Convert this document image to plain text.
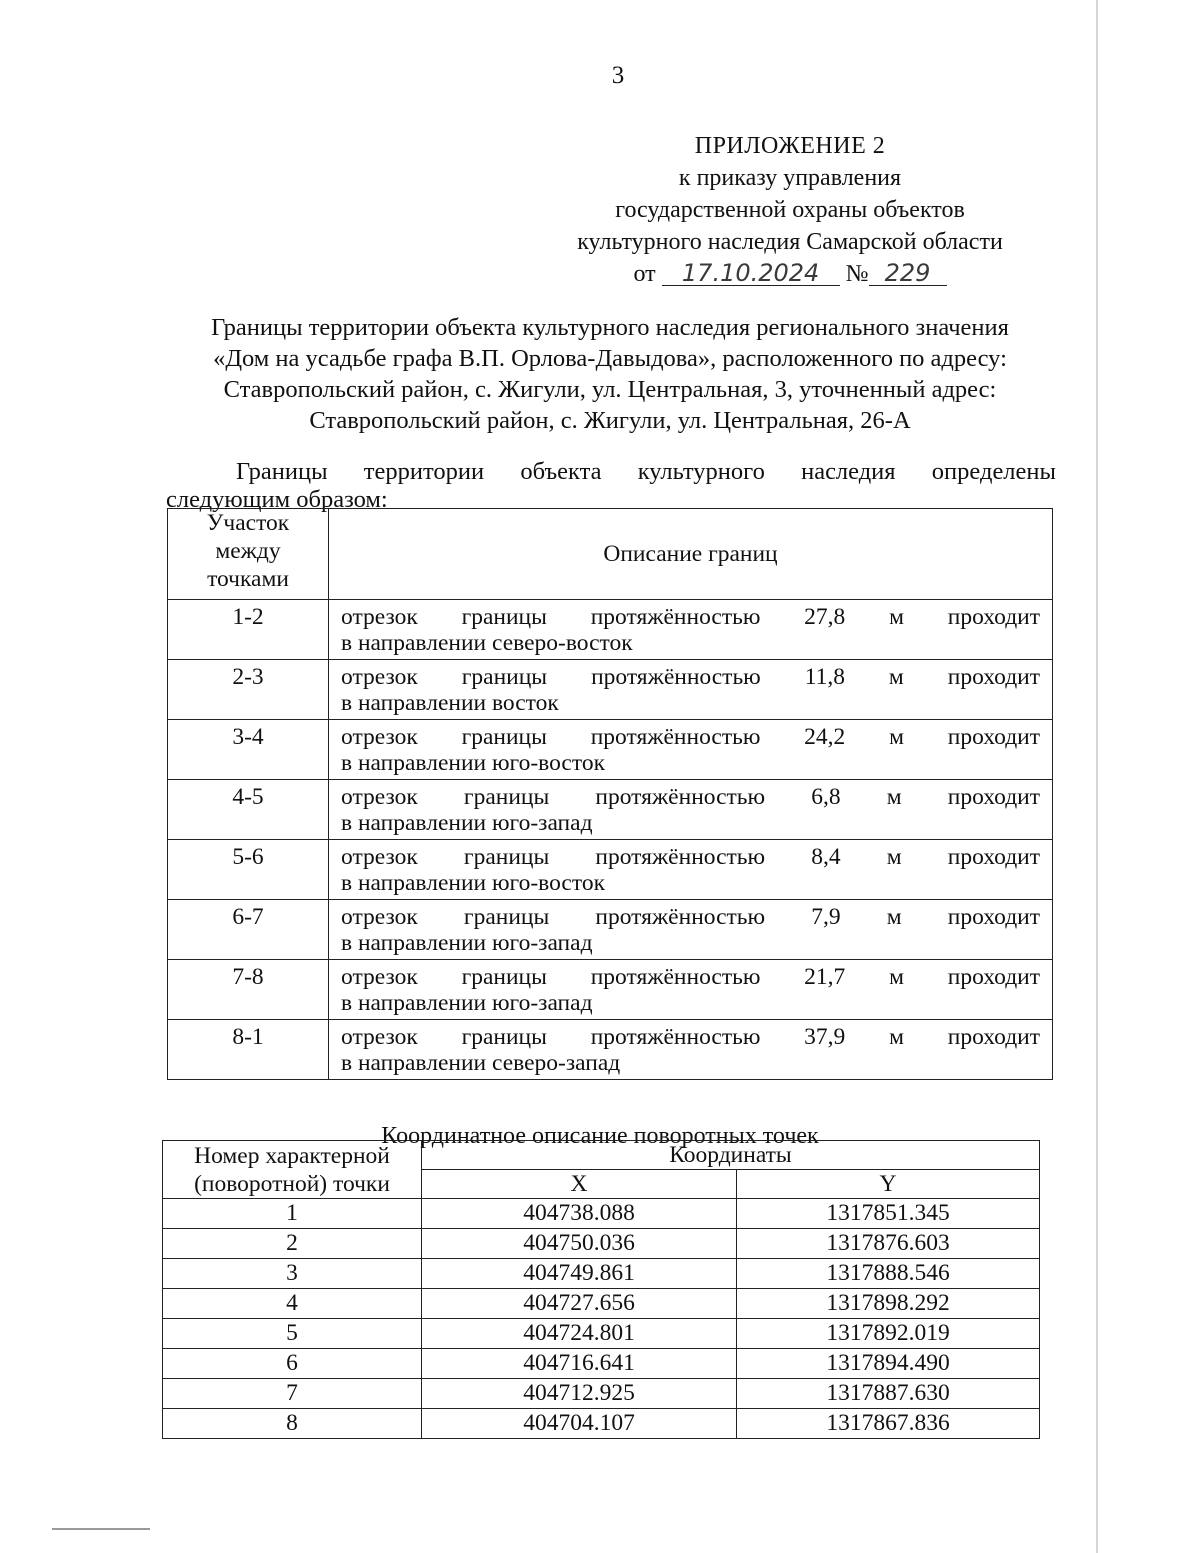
3
ПРИЛОЖЕНИЕ 2
к приказу управления
государственной охраны объектов
культурного наследия Самарской области
от 17.10.2024 № 229
Границы территории объекта культурного наследия регионального значения
«Дом на усадьбе графа В.П. Орлова-Давыдова», расположенного по адресу:
Ставропольский район, с. Жигули, ул. Центральная, 3, уточненный адрес:
Ставропольский район, с. Жигули, ул. Центральная, 26-А
Границы территории объекта культурного наследия определены
следующим образом:
Участок
между
точками	Описание границ
1-2	отрезок границы протяжённостью 27,8 м проходит
в направлении северо-восток
2-3	отрезок границы протяжённостью 11,8 м проходит
в направлении восток
3-4	отрезок границы протяжённостью 24,2 м проходит
в направлении юго-восток
4-5	отрезок границы протяжённостью 6,8 м проходит
в направлении юго-запад
5-6	отрезок границы протяжённостью 8,4 м проходит
в направлении юго-восток
6-7	отрезок границы протяжённостью 7,9 м проходит
в направлении юго-запад
7-8	отрезок границы протяжённостью 21,7 м проходит
в направлении юго-запад
8-1	отрезок границы протяжённостью 37,9 м проходит
в направлении северо-запад
Координатное описание поворотных точек
Номер характерной
(поворотной) точки	Координаты	
	X	Y
1	404738.088	1317851.345
2	404750.036	1317876.603
3	404749.861	1317888.546
4	404727.656	1317898.292
5	404724.801	1317892.019
6	404716.641	1317894.490
7	404712.925	1317887.630
8	404704.107	1317867.836
